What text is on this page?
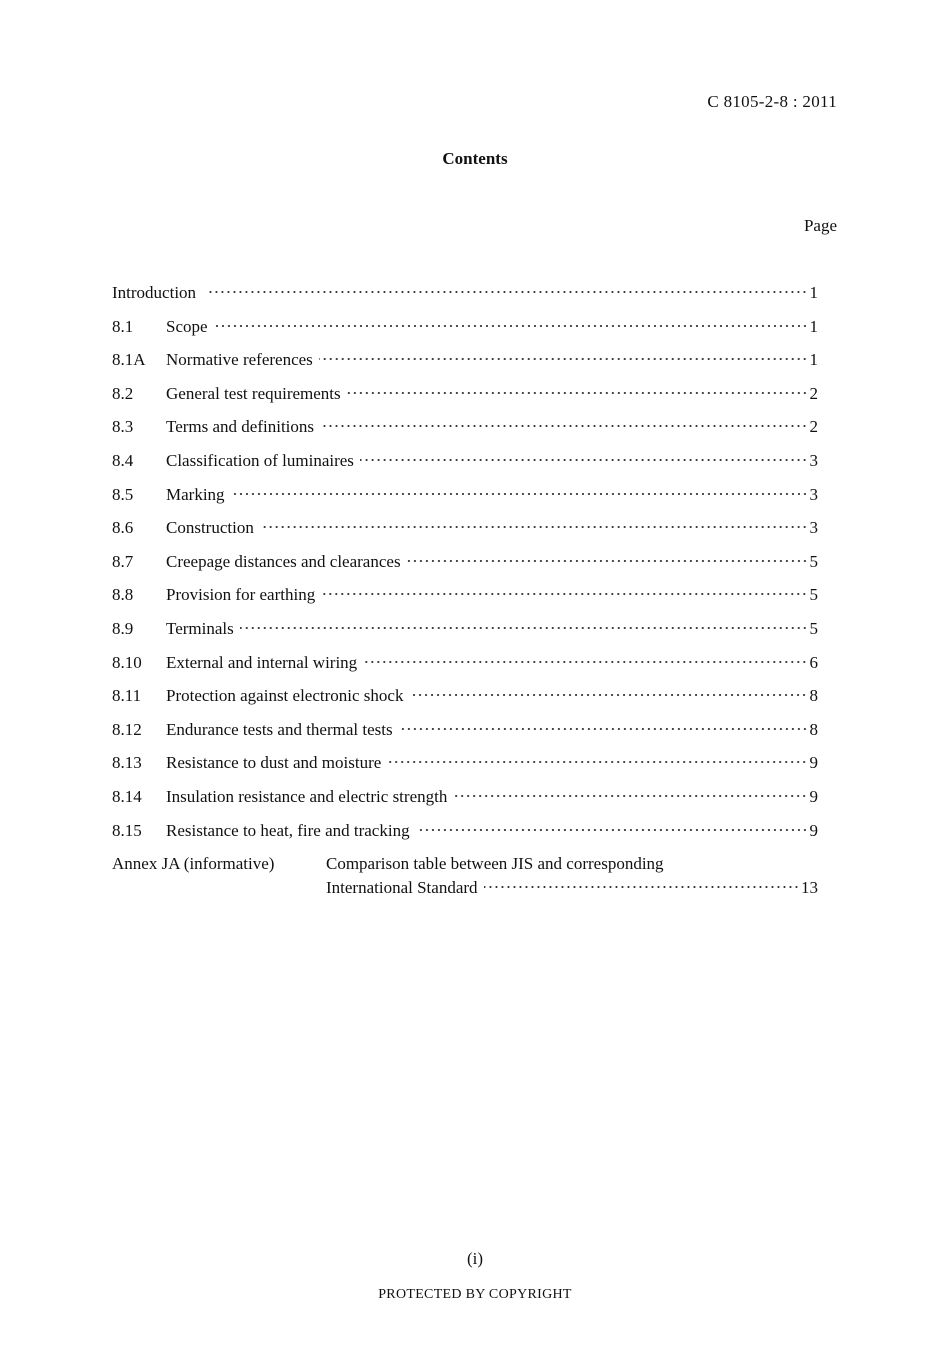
C 8105-2-8 : 2011
Contents
Page
Introduction	1
8.1	Scope	1
8.1A	Normative references	1
8.2	General test requirements	2
8.3	Terms and definitions	2
8.4	Classification of luminaires	3
8.5	Marking	3
8.6	Construction	3
8.7	Creepage distances and clearances	5
8.8	Provision for earthing	5
8.9	Terminals	5
8.10	External and internal wiring	6
8.11	Protection against electronic shock	8
8.12	Endurance tests and thermal tests	8
8.13	Resistance to dust and moisture	9
8.14	Insulation resistance and electric strength	9
8.15	Resistance to heat, fire and tracking	9
Annex JA (informative)	Comparison table between JIS and corresponding
International Standard	13
(i)
PROTECTED BY COPYRIGHT
